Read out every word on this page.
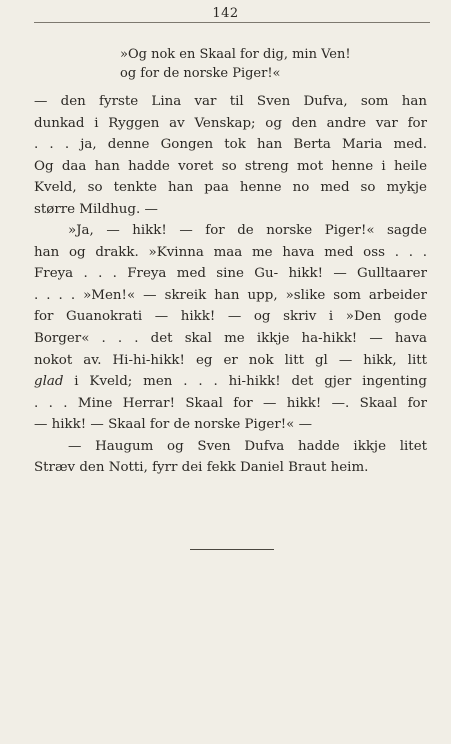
142
»Og nok en Skaal for dig, min Ven!
og for de norske Piger!«
— den fyrste Lina var til Sven Dufva, som han
dunkad i Ryggen av Venskap; og den andre var for
. . . ja, denne Gongen tok han Berta Maria med.
Og daa han hadde voret so streng mot henne i heile
Kveld, so tenkte han paa henne no med so mykje
større Mildhug. —
»Ja, — hikk! — for de norske Piger!« sagde
han og drakk. »Kvinna maa me hava med oss . . .
Freya . . . Freya med sine Gu- hikk! — Gulltaarer
. . . . »Men!« — skreik han upp, »slike som arbeider
for Guanokrati — hikk! — og skriv i »Den gode
Borger« . . . det skal me ikkje ha-hikk! — hava
nokot av. Hi-hi-hikk! eg er nok litt gl — hikk, litt
glad i Kveld; men . . . hi-hikk! det gjer ingenting
. . . Mine Herrar! Skaal for — hikk! —. Skaal for
— hikk! — Skaal for de norske Piger!« —
— Haugum og Sven Dufva hadde ikkje litet
Stræv den Notti, fyrr dei fekk Daniel Braut heim.
